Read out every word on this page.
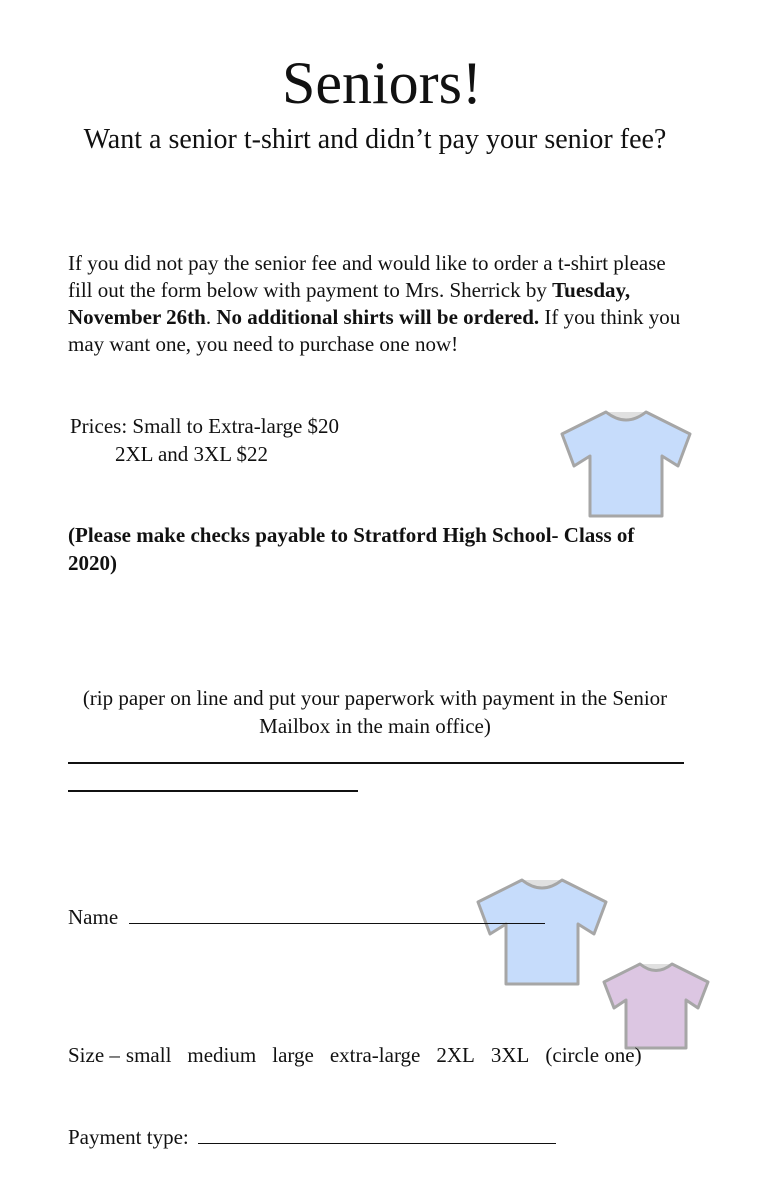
Seniors!
Want a senior t-shirt and didn’t pay your senior fee?
If you did not pay the senior fee and would like to order a t-shirt please fill out the form below with payment to Mrs. Sherrick by Tuesday, November 26th. No additional shirts will be ordered. If you think you may want one, you need to purchase one now!
Prices: Small to Extra-large $20
2XL and 3XL $22
(Please make checks payable to Stratford High School- Class of 2020)
(rip paper on line and put your paperwork with payment in the Senior Mailbox in the main office)
Name
Size – small medium large extra-large 2XL 3XL (circle one)
Payment type:
